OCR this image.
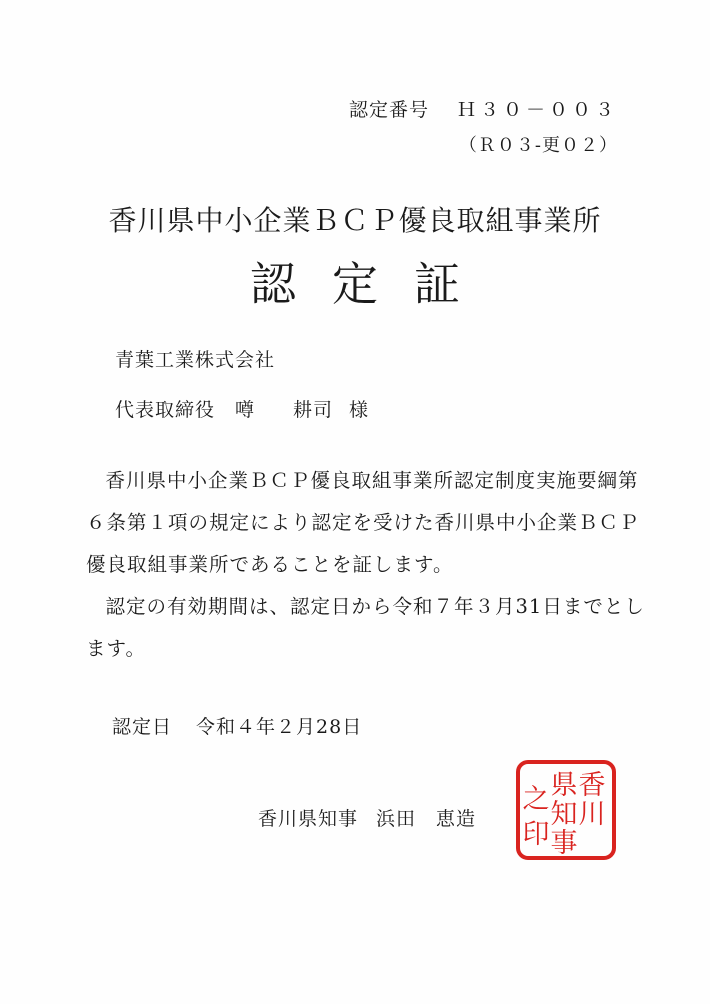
認定番号 Ｈ３０－００３
（Ｒ０３-更０２）
香川県中小企業ＢＣＰ優良取組事業所
認定証
青葉工業株式会社
代表取締役 噂 耕司 様

香川県中小企業ＢＣＰ優良取組事業所認定制度実施要綱第６条第１項の規定により認定を受けた香川県中小企業ＢＣＰ優良取組事業所であることを証します。

認定の有効期間は、認定日から令和７年３月31日までとします。

認定日 令和４年２月28日
香川県知事 浜田 恵造
香
川
県
知
事
之
印
